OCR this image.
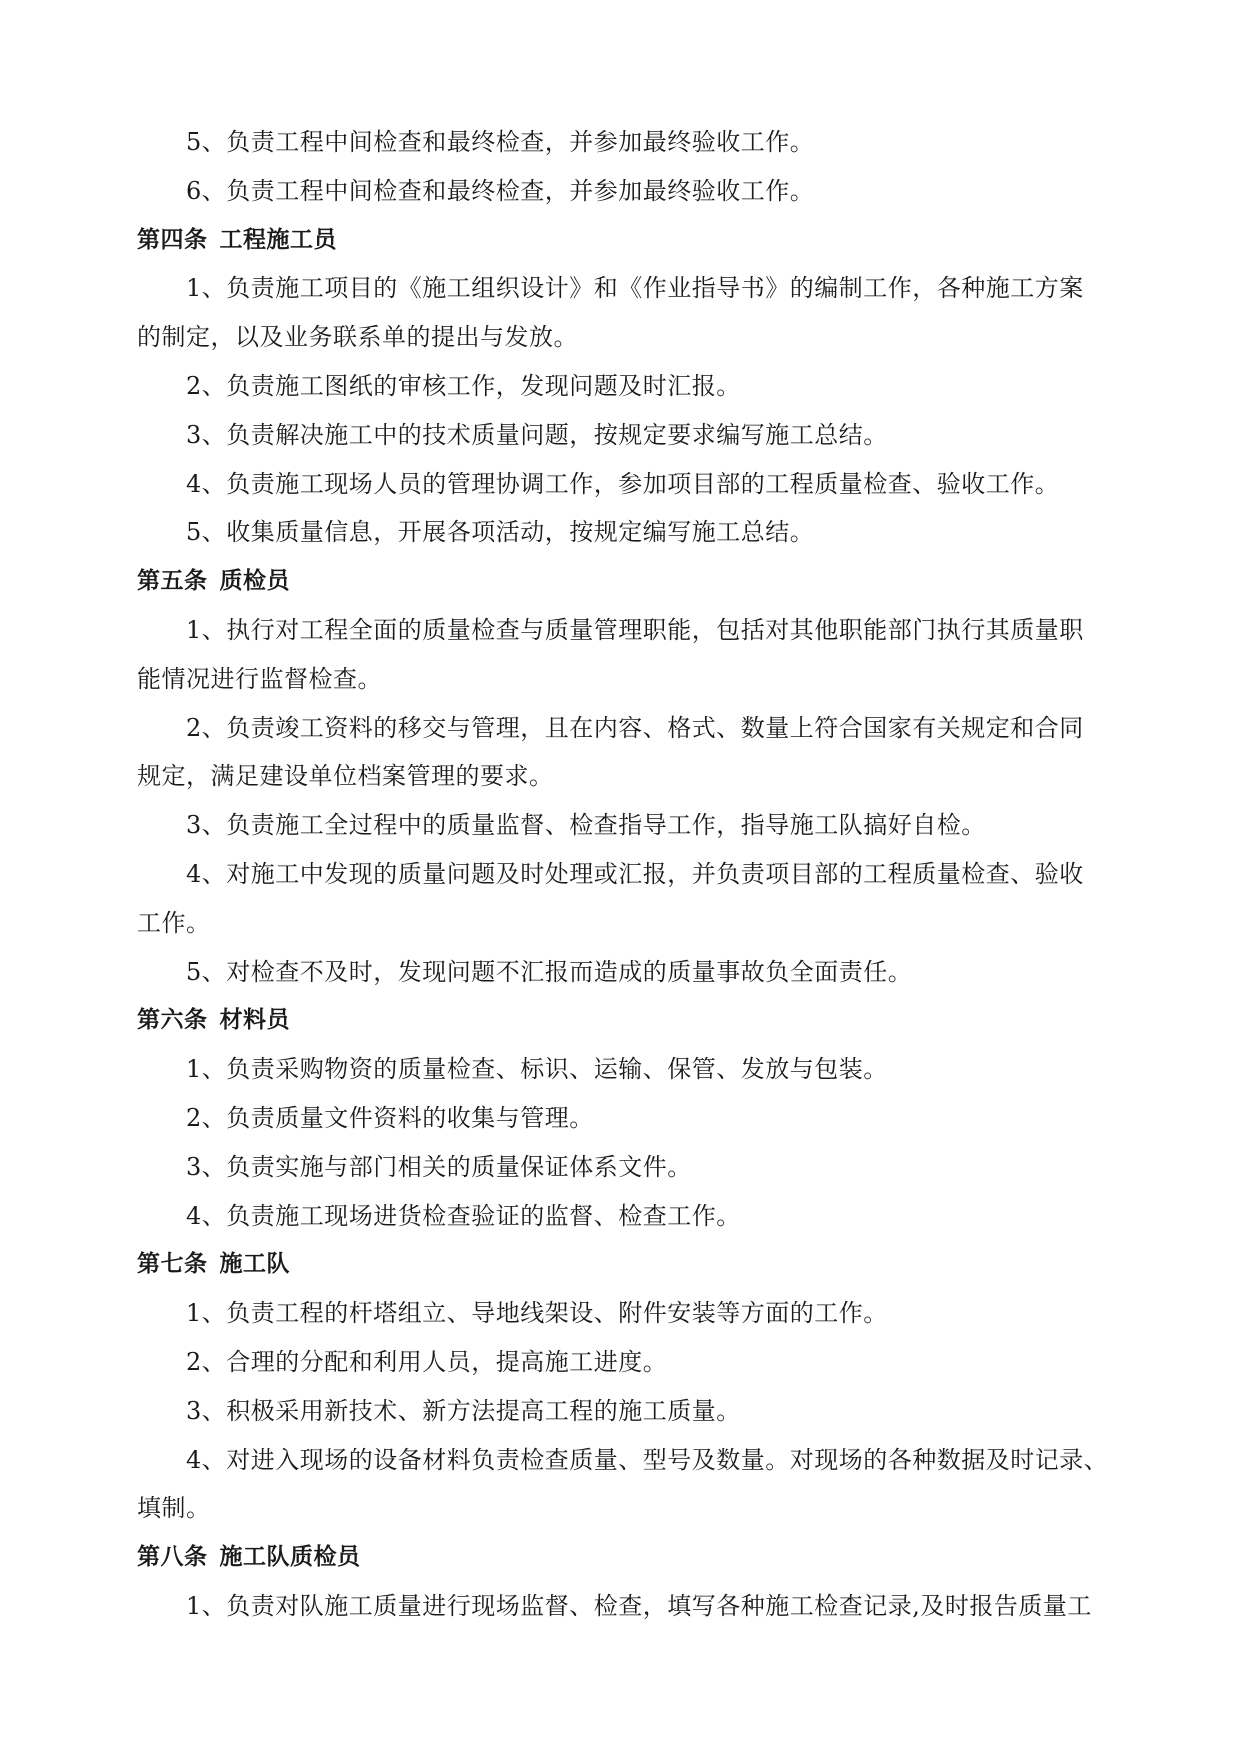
5、负责工程中间检查和最终检查，并参加最终验收工作。
6、负责工程中间检查和最终检查，并参加最终验收工作。
第四条 工程施工员
1、负责施工项目的《施工组织设计》和《作业指导书》的编制工作，各种施工方案
的制定，以及业务联系单的提出与发放。
2、负责施工图纸的审核工作，发现问题及时汇报。
3、负责解决施工中的技术质量问题，按规定要求编写施工总结。
4、负责施工现场人员的管理协调工作，参加项目部的工程质量检查、验收工作。
5、收集质量信息，开展各项活动，按规定编写施工总结。
第五条 质检员
1、执行对工程全面的质量检查与质量管理职能，包括对其他职能部门执行其质量职
能情况进行监督检查。
2、负责竣工资料的移交与管理，且在内容、格式、数量上符合国家有关规定和合同
规定，满足建设单位档案管理的要求。
3、负责施工全过程中的质量监督、检查指导工作，指导施工队搞好自检。
4、对施工中发现的质量问题及时处理或汇报，并负责项目部的工程质量检查、验收
工作。
5、对检查不及时，发现问题不汇报而造成的质量事故负全面责任。
第六条 材料员
1、负责采购物资的质量检查、标识、运输、保管、发放与包装。
2、负责质量文件资料的收集与管理。
3、负责实施与部门相关的质量保证体系文件。
4、负责施工现场进货检查验证的监督、检查工作。
第七条 施工队
1、负责工程的杆塔组立、导地线架设、附件安装等方面的工作。
2、合理的分配和利用人员，提高施工进度。
3、积极采用新技术、新方法提高工程的施工质量。
4、对进入现场的设备材料负责检查质量、型号及数量。对现场的各种数据及时记录、
填制。
第八条 施工队质检员
1、负责对队施工质量进行现场监督、检查，填写各种施工检查记录,及时报告质量工
